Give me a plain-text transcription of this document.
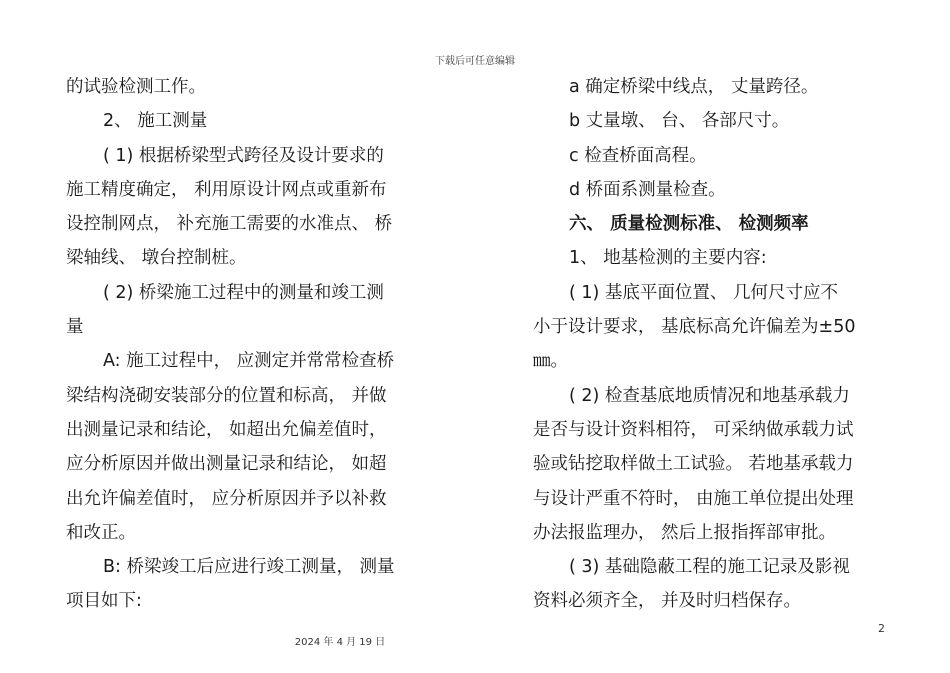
下载后可任意编辑

的试验检测工作。

2、 施工测量

( 1) 根据桥梁型式跨径及设计要求的

施工精度确定， 利用原设计网点或重新布

设控制网点， 补充施工需要的水准点、 桥

梁轴线、 墩台控制桩。

( 2) 桥梁施工过程中的测量和竣工测

量

A: 施工过程中， 应测定并常常检查桥

梁结构浇砌安装部分的位置和标高， 并做

出测量记录和结论， 如超出允偏差值时，

应分析原因并做出测量记录和结论， 如超

出允许偏差值时， 应分析原因并予以补救

和改正。

B: 桥梁竣工后应进行竣工测量， 测量

项目如下:

a 确定桥梁中线点， 丈量跨径。

b 丈量墩、 台、 各部尺寸。

c 检查桥面高程。

d 桥面系测量检查。

六、 质量检测标准、 检测频率

1、 地基检测的主要内容:

( 1) 基底平面位置、 几何尺寸应不

小于设计要求， 基底标高允许偏差为±50

㎜。

( 2) 检查基底地质情况和地基承载力

是否与设计资料相符， 可采纳做承载力试

验或钻挖取样做土工试验。 若地基承载力

与设计严重不符时， 由施工单位提出处理

办法报监理办， 然后上报指挥部审批。

( 3) 基础隐蔽工程的施工记录及影视

资料必须齐全， 并及时归档保存。

2024 年 4 月 19 日
2
